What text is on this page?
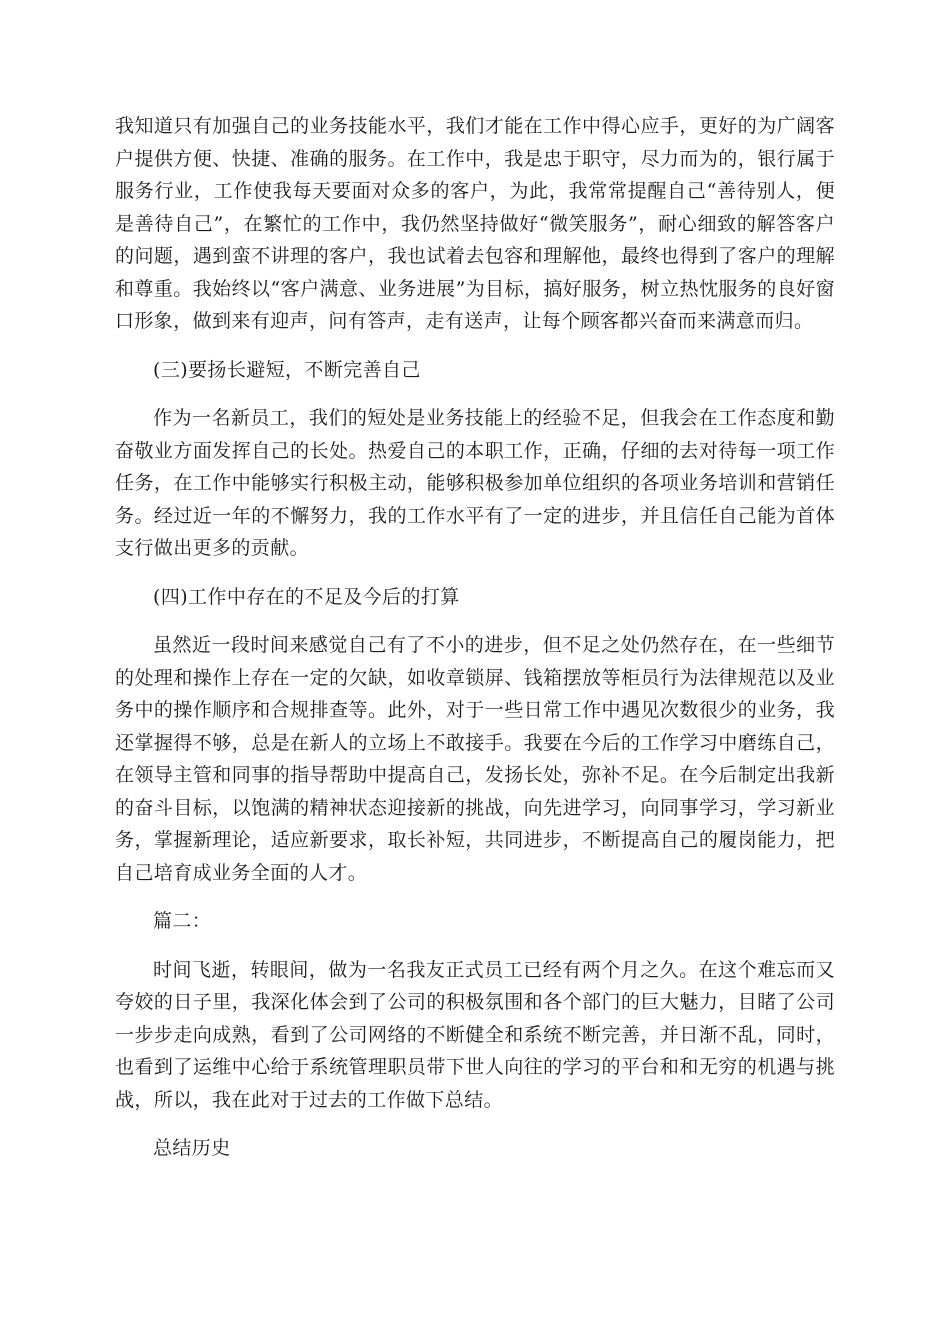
我知道只有加强自己的业务技能水平，我们才能在工作中得心应手，更好的为广阔客户提供方便、快捷、准确的服务。在工作中，我是忠于职守，尽力而为的，银行属于服务行业，工作使我每天要面对众多的客户，为此，我常常提醒自己“善待别人，便是善待自己”，在繁忙的工作中，我仍然坚持做好“微笑服务”，耐心细致的解答客户的问题，遇到蛮不讲理的客户，我也试着去包容和理解他，最终也得到了客户的理解和尊重。我始终以“客户满意、业务进展”为目标，搞好服务，树立热忱服务的良好窗口形象，做到来有迎声，问有答声，走有送声，让每个顾客都兴奋而来满意而归。

(三)要扬长避短，不断完善自己

作为一名新员工，我们的短处是业务技能上的经验不足，但我会在工作态度和勤奋敬业方面发挥自己的长处。热爱自己的本职工作，正确，仔细的去对待每一项工作任务，在工作中能够实行积极主动，能够积极参加单位组织的各项业务培训和营销任务。经过近一年的不懈努力，我的工作水平有了一定的进步，并且信任自己能为首体支行做出更多的贡献。

(四)工作中存在的不足及今后的打算

虽然近一段时间来感觉自己有了不小的进步，但不足之处仍然存在，在一些细节的处理和操作上存在一定的欠缺，如收章锁屏、钱箱摆放等柜员行为法律规范以及业务中的操作顺序和合规排查等。此外，对于一些日常工作中遇见次数很少的业务，我还掌握得不够，总是在新人的立场上不敢接手。我要在今后的工作学习中磨练自己，在领导主管和同事的指导帮助中提高自己，发扬长处，弥补不足。在今后制定出我新的奋斗目标，以饱满的精神状态迎接新的挑战，向先进学习，向同事学习，学习新业务，掌握新理论，适应新要求，取长补短，共同进步，不断提高自己的履岗能力，把自己培育成业务全面的人才。

篇二：

时间飞逝，转眼间，做为一名我友正式员工已经有两个月之久。在这个难忘而又夸姣的日子里，我深化体会到了公司的积极氛围和各个部门的巨大魅力，目睹了公司一步步走向成熟，看到了公司网络的不断健全和系统不断完善，并日渐不乱，同时，也看到了运维中心给于系统管理职员带下世人向往的学习的平台和和无穷的机遇与挑战，所以，我在此对于过去的工作做下总结。

总结历史
